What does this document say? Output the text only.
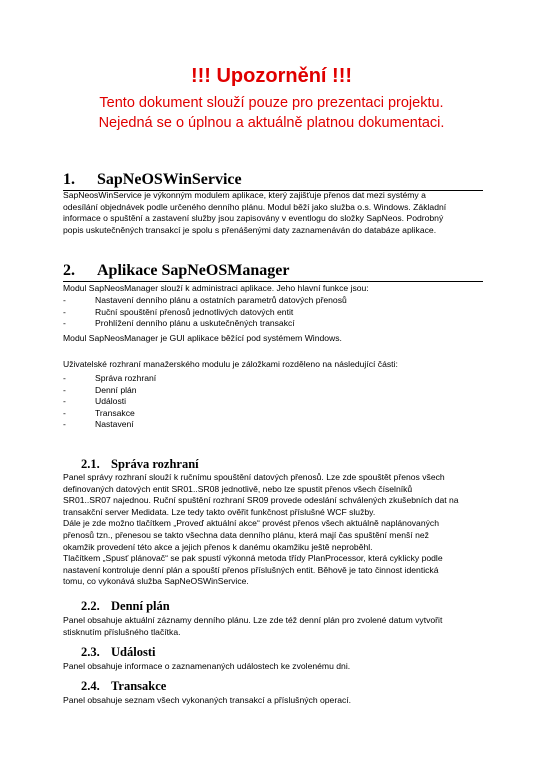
!!! Upozornění !!!
Tento dokument slouží pouze pro prezentaci projektu.
Nejedná se o úplnou a aktuálně platnou dokumentaci.
1. SapNeOSWinService
SapNeosWinService je výkonným modulem aplikace, který zajišťuje přenos dat mezi systémy a
odesílání objednávek podle určeného denního plánu. Modul běží jako služba o.s. Windows. Základní
informace o spuštění a zastavení služby jsou zapisovány v eventlogu do složky SapNeos. Podrobný
popis uskutečněných transakcí je spolu s přenášenými daty zaznamenáván do databáze aplikace.
2. Aplikace SapNeOSManager
Modul SapNeosManager slouží k administraci aplikace. Jeho hlavní funkce jsou:
-	Nastavení denního plánu a ostatních parametrů datových přenosů
-	Ruční spouštění přenosů jednotlivých datových entit
-	Prohlížení denního plánu a uskutečněných transakcí
Modul SapNeosManager je GUI aplikace běžící pod systémem Windows.
Uživatelské rozhraní manažerského modulu je záložkami rozděleno na následující části:
-	Správa rozhraní
-	Denní plán
-	Události
-	Transakce
-	Nastavení
2.1. Správa rozhraní
Panel správy rozhraní slouží k ručnímu spouštění datových přenosů. Lze zde spouštět přenos všech
definovaných datových entit SR01..SR08 jednotlivě, nebo lze spustit přenos všech číselníků
SR01..SR07 najednou. Ruční spuštění rozhraní SR09 provede odeslání schválených zkušebních dat na
transakční server Medidata. Lze tedy takto ověřit funkčnost příslušné WCF služby.
Dále je zde možno tlačítkem „Proveď aktuální akce“ provést přenos všech aktuálně naplánovaných
přenosů tzn., přenesou se takto všechna data denního plánu, která mají čas spuštění menší než
okamžik provedení této akce a jejich přenos k danému okamžiku ještě neproběhl.
Tlačítkem „Spusť plánovač“ se pak spustí výkonná metoda třídy PlanProcessor, která cyklicky podle
nastavení kontroluje denní plán a spouští přenos příslušných entit. Běhově je tato činnost identická
tomu, co vykonává služba SapNeOSWinService.
2.2. Denní plán
Panel obsahuje aktuální záznamy denního plánu. Lze zde též denní plán pro zvolené datum vytvořit
stisknutím příslušného tlačítka.
2.3. Události
Panel obsahuje informace o zaznamenaných událostech ke zvolenému dni.
2.4. Transakce
Panel obsahuje seznam všech vykonaných transakcí a příslušných operací.
